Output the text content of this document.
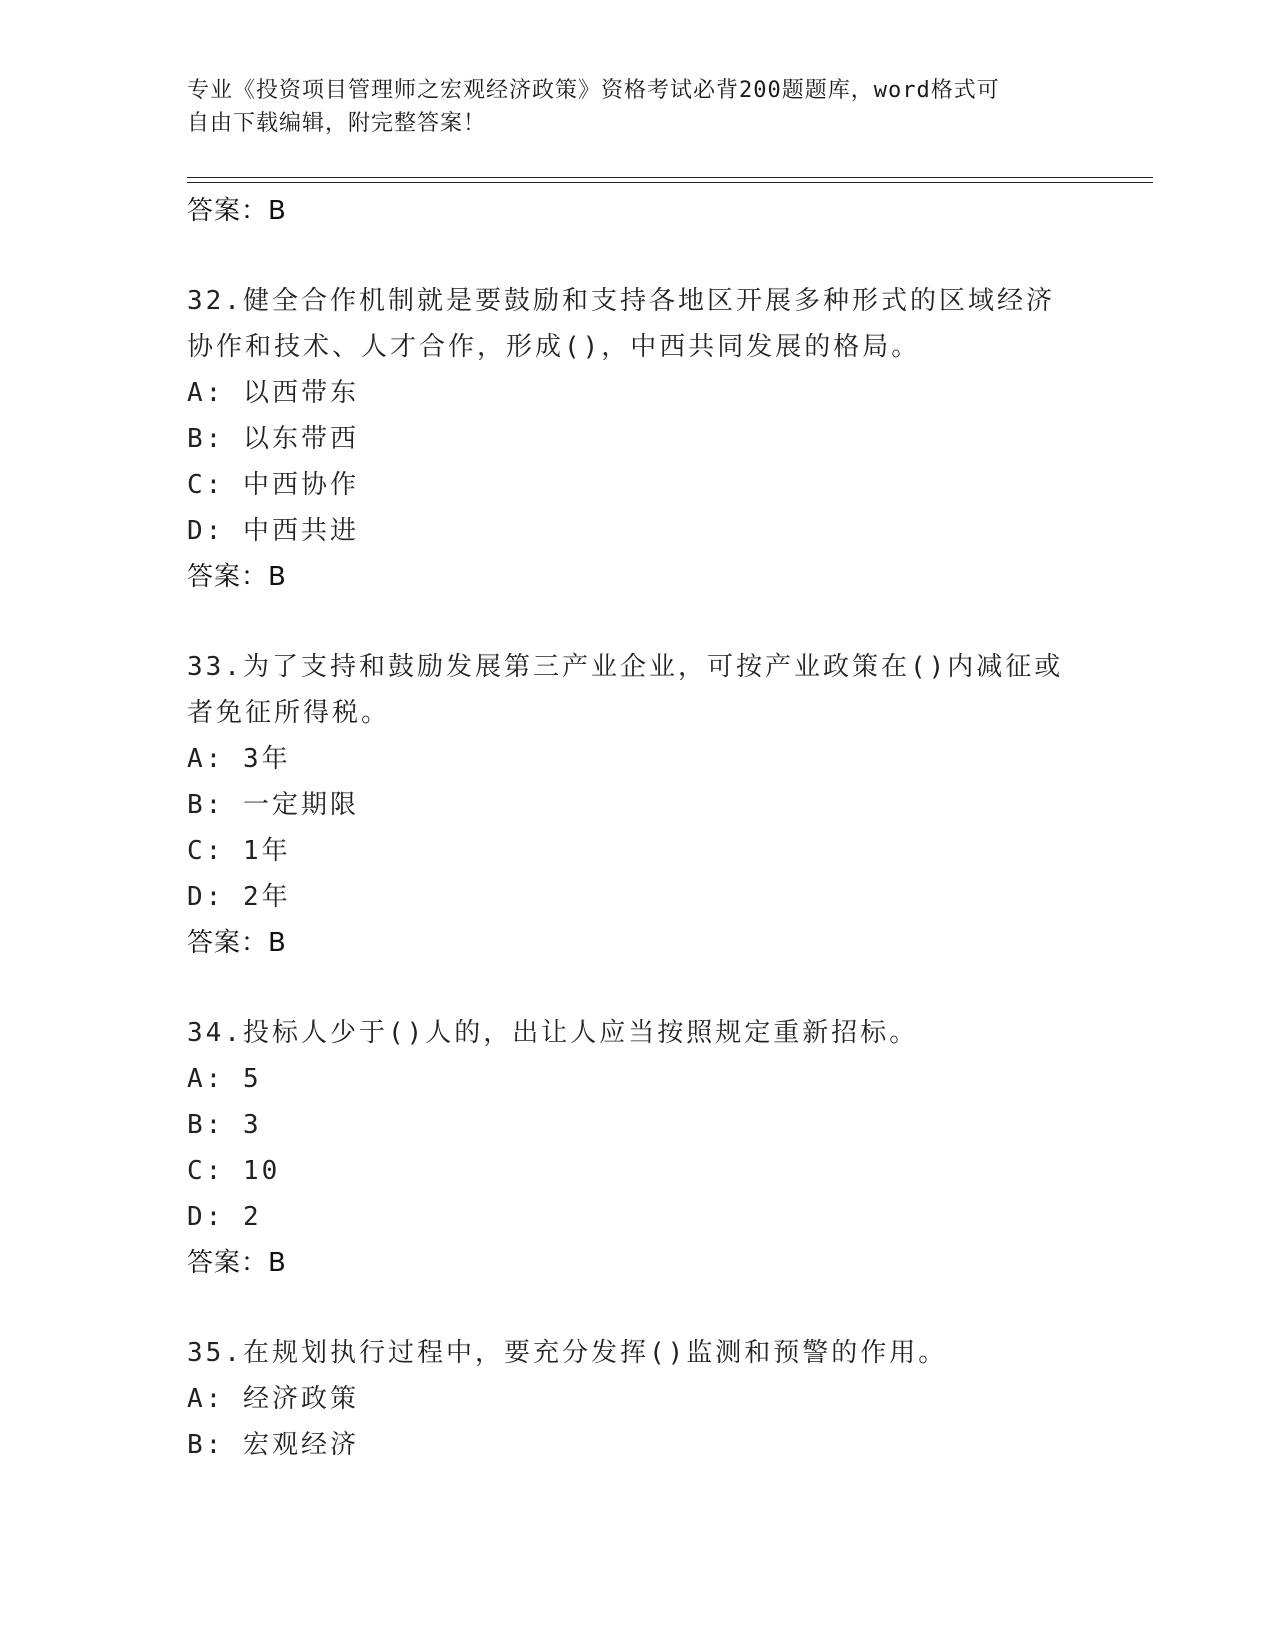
专业《投资项目管理师之宏观经济政策》资格考试必背200题题库，word格式可
自由下载编辑，附完整答案！
答案：B
32.健全合作机制就是要鼓励和支持各地区开展多种形式的区域经济协作和技术、人才合作，形成()，中西共同发展的格局。
A: 以西带东
B: 以东带西
C: 中西协作
D: 中西共进
答案：B
33.为了支持和鼓励发展第三产业企业，可按产业政策在()内减征或者免征所得税。
A: 3年
B: 一定期限
C: 1年
D: 2年
答案：B
34.投标人少于()人的，出让人应当按照规定重新招标。
A: 5
B: 3
C: 10
D: 2
答案：B
35.在规划执行过程中，要充分发挥()监测和预警的作用。
A: 经济政策
B: 宏观经济
